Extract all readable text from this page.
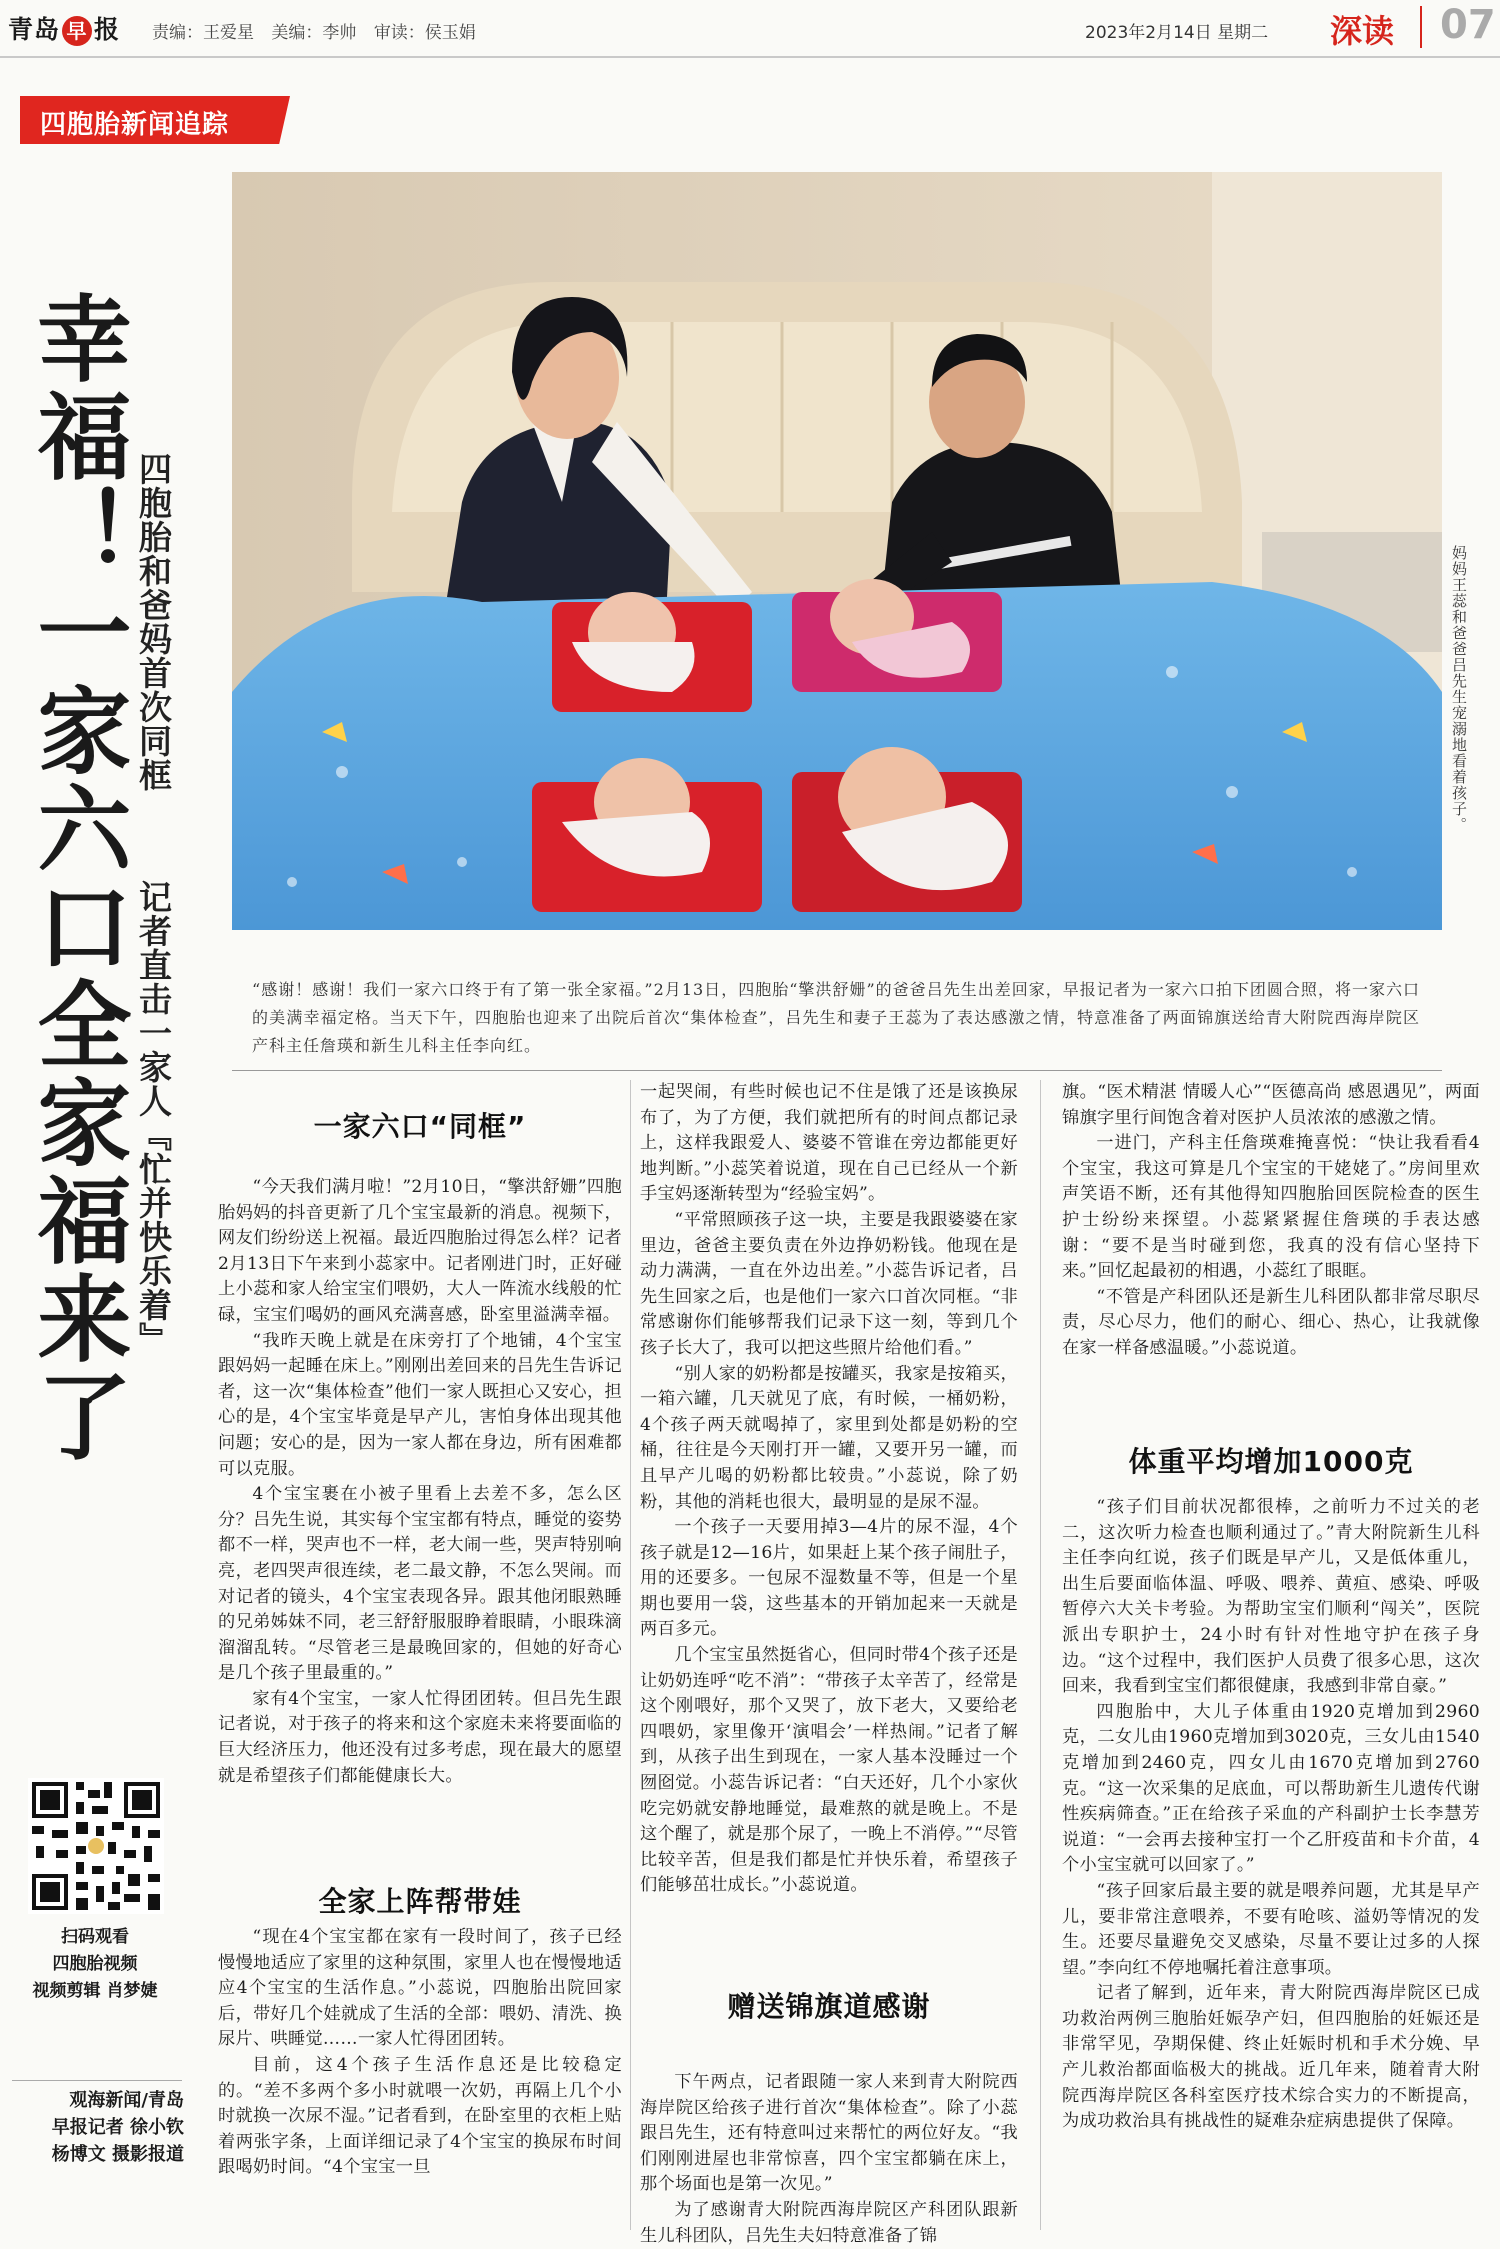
青岛 早 报 责编：王爱星 美编：李帅 审读：侯玉娟	2023年2月14日 星期二 深读 07
四胞胎新闻追踪
幸福！一家六口全家福来了 四胞胎和爸妈首次同框
记者直击一家人『忙并快乐着』
妈妈王蕊和爸爸吕先生宠溺地看着孩子。
“感谢！感谢！我们一家六口终于有了第一张全家福。”2月13日，四胞胎“擎洪舒姗”的爸爸吕先生出差回家，早报记者为一家六口拍下团圆合照，将一家六口的美满幸福定格。当天下午，四胞胎也迎来了出院后首次“集体检查”，吕先生和妻子王蕊为了表达感激之情，特意准备了两面锦旗送给青大附院西海岸院区产科主任詹瑛和新生儿科主任李向红。
一家六口“同框”

“今天我们满月啦！”2月10日，“擎洪舒姗”四胞胎妈妈的抖音更新了几个宝宝最新的消息。视频下，网友们纷纷送上祝福。最近四胞胎过得怎么样？记者2月13日下午来到小蕊家中。记者刚进门时，正好碰上小蕊和家人给宝宝们喂奶，大人一阵流水线般的忙碌，宝宝们喝奶的画风充满喜感，卧室里溢满幸福。

“我昨天晚上就是在床旁打了个地铺，4个宝宝跟妈妈一起睡在床上。”刚刚出差回来的吕先生告诉记者，这一次“集体检查”他们一家人既担心又安心，担心的是，4个宝宝毕竟是早产儿，害怕身体出现其他问题；安心的是，因为一家人都在身边，所有困难都可以克服。

4个宝宝裹在小被子里看上去差不多，怎么区分？吕先生说，其实每个宝宝都有特点，睡觉的姿势都不一样，哭声也不一样，老大闹一些，哭声特别响亮，老四哭声很连续，老二最文静，不怎么哭闹。而对记者的镜头，4个宝宝表现各异。跟其他闭眼熟睡的兄弟姊妹不同，老三舒舒服服睁着眼睛，小眼珠滴溜溜乱转。“尽管老三是最晚回家的，但她的好奇心是几个孩子里最重的。”

家有4个宝宝，一家人忙得团团转。但吕先生跟记者说，对于孩子的将来和这个家庭未来将要面临的巨大经济压力，他还没有过多考虑，现在最大的愿望就是希望孩子们都能健康长大。

全家上阵帮带娃

“现在4个宝宝都在家有一段时间了，孩子已经慢慢地适应了家里的这种氛围，家里人也在慢慢地适应4个宝宝的生活作息。”小蕊说，四胞胎出院回家后，带好几个娃就成了生活的全部：喂奶、清洗、换尿片、哄睡觉……一家人忙得团团转。

目前，这4个孩子生活作息还是比较稳定的。“差不多两个多小时就喂一次奶，再隔上几个小时就换一次尿不湿。”记者看到，在卧室里的衣柜上贴着两张字条，上面详细记录了4个宝宝的换尿布时间跟喝奶时间。“4个宝宝一旦

一起哭闹，有些时候也记不住是饿了还是该换尿布了，为了方便，我们就把所有的时间点都记录上，这样我跟爱人、婆婆不管谁在旁边都能更好地判断。”小蕊笑着说道，现在自己已经从一个新手宝妈逐渐转型为“经验宝妈”。

“平常照顾孩子这一块，主要是我跟婆婆在家里边，爸爸主要负责在外边挣奶粉钱。他现在是动力满满，一直在外边出差。”小蕊告诉记者，吕先生回家之后，也是他们一家六口首次同框。“非常感谢你们能够帮我们记录下这一刻，等到几个孩子长大了，我可以把这些照片给他们看。”

“别人家的奶粉都是按罐买，我家是按箱买，一箱六罐，几天就见了底，有时候，一桶奶粉，4个孩子两天就喝掉了，家里到处都是奶粉的空桶，往往是今天刚打开一罐，又要开另一罐，而且早产儿喝的奶粉都比较贵。”小蕊说，除了奶粉，其他的消耗也很大，最明显的是尿不湿。

一个孩子一天要用掉3—4片的尿不湿，4个孩子就是12—16片，如果赶上某个孩子闹肚子，用的还要多。一包尿不湿数量不等，但是一个星期也要用一袋，这些基本的开销加起来一天就是两百多元。

几个宝宝虽然挺省心，但同时带4个孩子还是让奶奶连呼“吃不消”：“带孩子太辛苦了，经常是这个刚喂好，那个又哭了，放下老大，又要给老四喂奶，家里像开‘演唱会’一样热闹。”记者了解到，从孩子出生到现在，一家人基本没睡过一个囫囵觉。小蕊告诉记者：“白天还好，几个小家伙吃完奶就安静地睡觉，最难熬的就是晚上。不是这个醒了，就是那个尿了，一晚上不消停。”“尽管比较辛苦，但是我们都是忙并快乐着，希望孩子们能够茁壮成长。”小蕊说道。

赠送锦旗道感谢

下午两点，记者跟随一家人来到青大附院西海岸院区给孩子进行首次“集体检查”。除了小蕊跟吕先生，还有特意叫过来帮忙的两位好友。“我们刚刚进屋也非常惊喜，四个宝宝都躺在床上，那个场面也是第一次见。”

为了感谢青大附院西海岸院区产科团队跟新生儿科团队，吕先生夫妇特意准备了锦

旗。“医术精湛 情暖人心”“医德高尚 感恩遇见”，两面锦旗字里行间饱含着对医护人员浓浓的感激之情。

一进门，产科主任詹瑛难掩喜悦：“快让我看看4个宝宝，我这可算是几个宝宝的干姥姥了。”房间里欢声笑语不断，还有其他得知四胞胎回医院检查的医生护士纷纷来探望。小蕊紧紧握住詹瑛的手表达感谢：“要不是当时碰到您，我真的没有信心坚持下来。”回忆起最初的相遇，小蕊红了眼眶。

“不管是产科团队还是新生儿科团队都非常尽职尽责，尽心尽力，他们的耐心、细心、热心，让我就像在家一样备感温暖。”小蕊说道。

体重平均增加1000克

“孩子们目前状况都很棒，之前听力不过关的老二，这次听力检查也顺利通过了。”青大附院新生儿科主任李向红说，孩子们既是早产儿，又是低体重儿，出生后要面临体温、呼吸、喂养、黄疸、感染、呼吸暂停六大关卡考验。为帮助宝宝们顺利“闯关”，医院派出专职护士，24小时有针对性地守护在孩子身边。“这个过程中，我们医护人员费了很多心思，这次回来，我看到宝宝们都很健康，我感到非常自豪。”

四胞胎中，大儿子体重由1920克增加到2960克，二女儿由1960克增加到3020克，三女儿由1540克增加到2460克，四女儿由1670克增加到2760克。“这一次采集的足底血，可以帮助新生儿遗传代谢性疾病筛查。”正在给孩子采血的产科副护士长李慧芳说道：“一会再去接种宝打一个乙肝疫苗和卡介苗，4个小宝宝就可以回家了。”

“孩子回家后最主要的就是喂养问题，尤其是早产儿，要非常注意喂养，不要有呛咳、溢奶等情况的发生。还要尽量避免交叉感染，尽量不要让过多的人探望。”李向红不停地嘱托着注意事项。

记者了解到，近年来，青大附院西海岸院区已成功救治两例三胞胎妊娠孕产妇，但四胞胎的妊娠还是非常罕见，孕期保健、终止妊娠时机和手术分娩、早产儿救治都面临极大的挑战。近几年来，随着青大附院西海岸院区各科室医疗技术综合实力的不断提高，为成功救治具有挑战性的疑难杂症病患提供了保障。

扫码观看
四胞胎视频
视频剪辑 肖梦婕
观海新闻/青岛
早报记者 徐小钦
杨博文 摄影报道
